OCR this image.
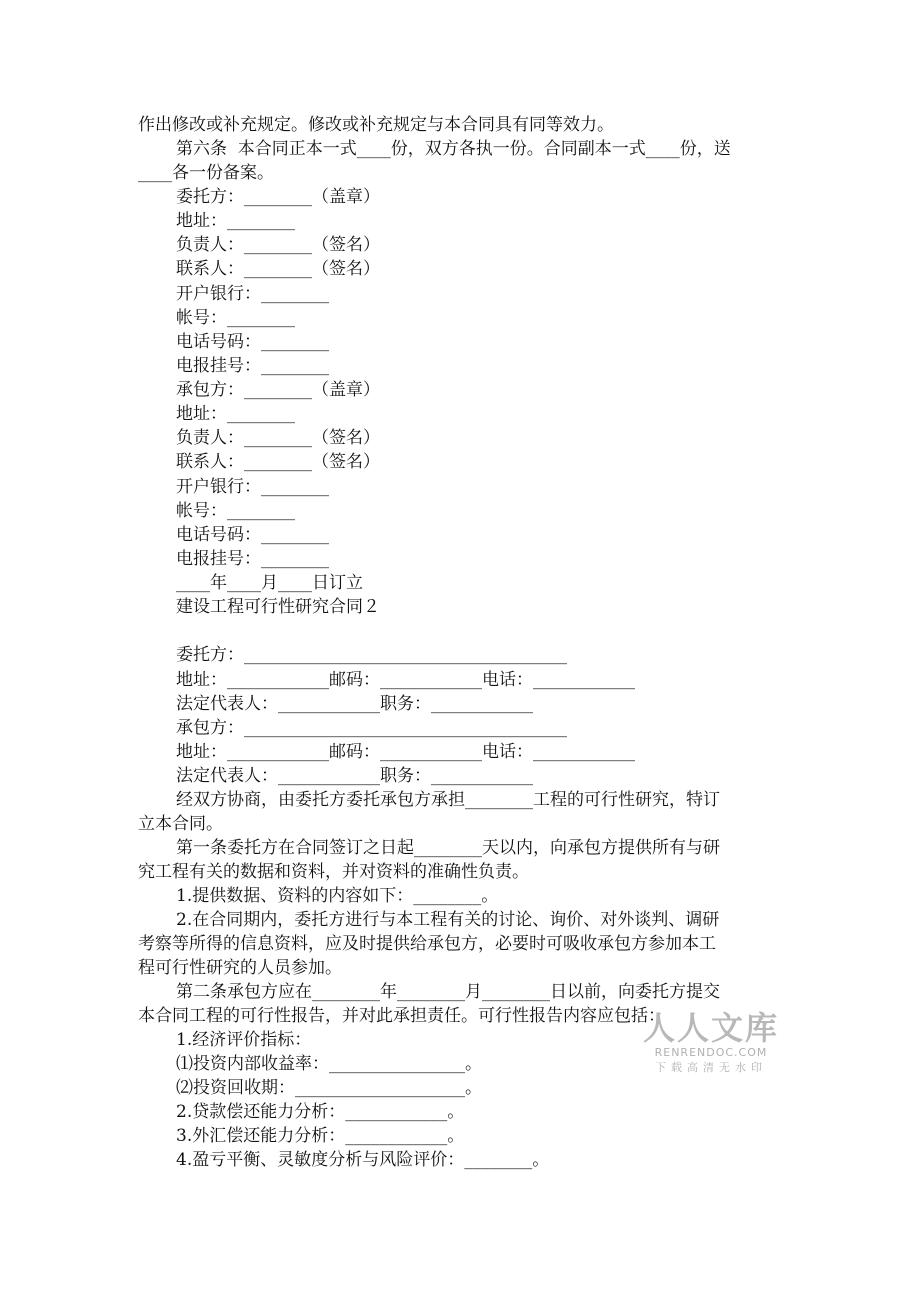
作出修改或补充规定。修改或补充规定与本合同具有同等效力。
第六条  本合同正本一式____份，双方各执一份。合同副本一式____份，送
____各一份备案。
委托方：________（盖章）
地址：________
负责人：________（签名）
联系人：________（签名）
开户银行：________
帐号：________
电话号码：________
电报挂号：________
承包方：________（盖章）
地址：________
负责人：________（签名）
联系人：________（签名）
开户银行：________
帐号：________
电话号码：________
电报挂号：________
____年____月____日订立
建设工程可行性研究合同２
委托方：______________________________________
地址：____________邮码：____________电话：____________
法定代表人：____________职务：____________
承包方：______________________________________
地址：____________邮码：____________电话：____________
法定代表人：____________职务：____________
经双方协商，由委托方委托承包方承担________工程的可行性研究，特订
立本合同。
第一条委托方在合同签订之日起________天以内，向承包方提供所有与研
究工程有关的数据和资料，并对资料的准确性负责。
1.提供数据、资料的内容如下：________。
2.在合同期内，委托方进行与本工程有关的讨论、询价、对外谈判、调研
考察等所得的信息资料，应及时提供给承包方，必要时可吸收承包方参加本工
程可行性研究的人员参加。
第二条承包方应在________年________月________日以前，向委托方提交
本合同工程的可行性报告，并对此承担责任。可行性报告内容应包括：
1.经济评价指标：
⑴投资内部收益率：________________。
⑵投资回收期：____________________。
2.贷款偿还能力分析：____________。
3.外汇偿还能力分析：____________。
4.盈亏平衡、灵敏度分析与风险评价：________。
人人文库
RENRENDOC.COM
下载高清无水印
